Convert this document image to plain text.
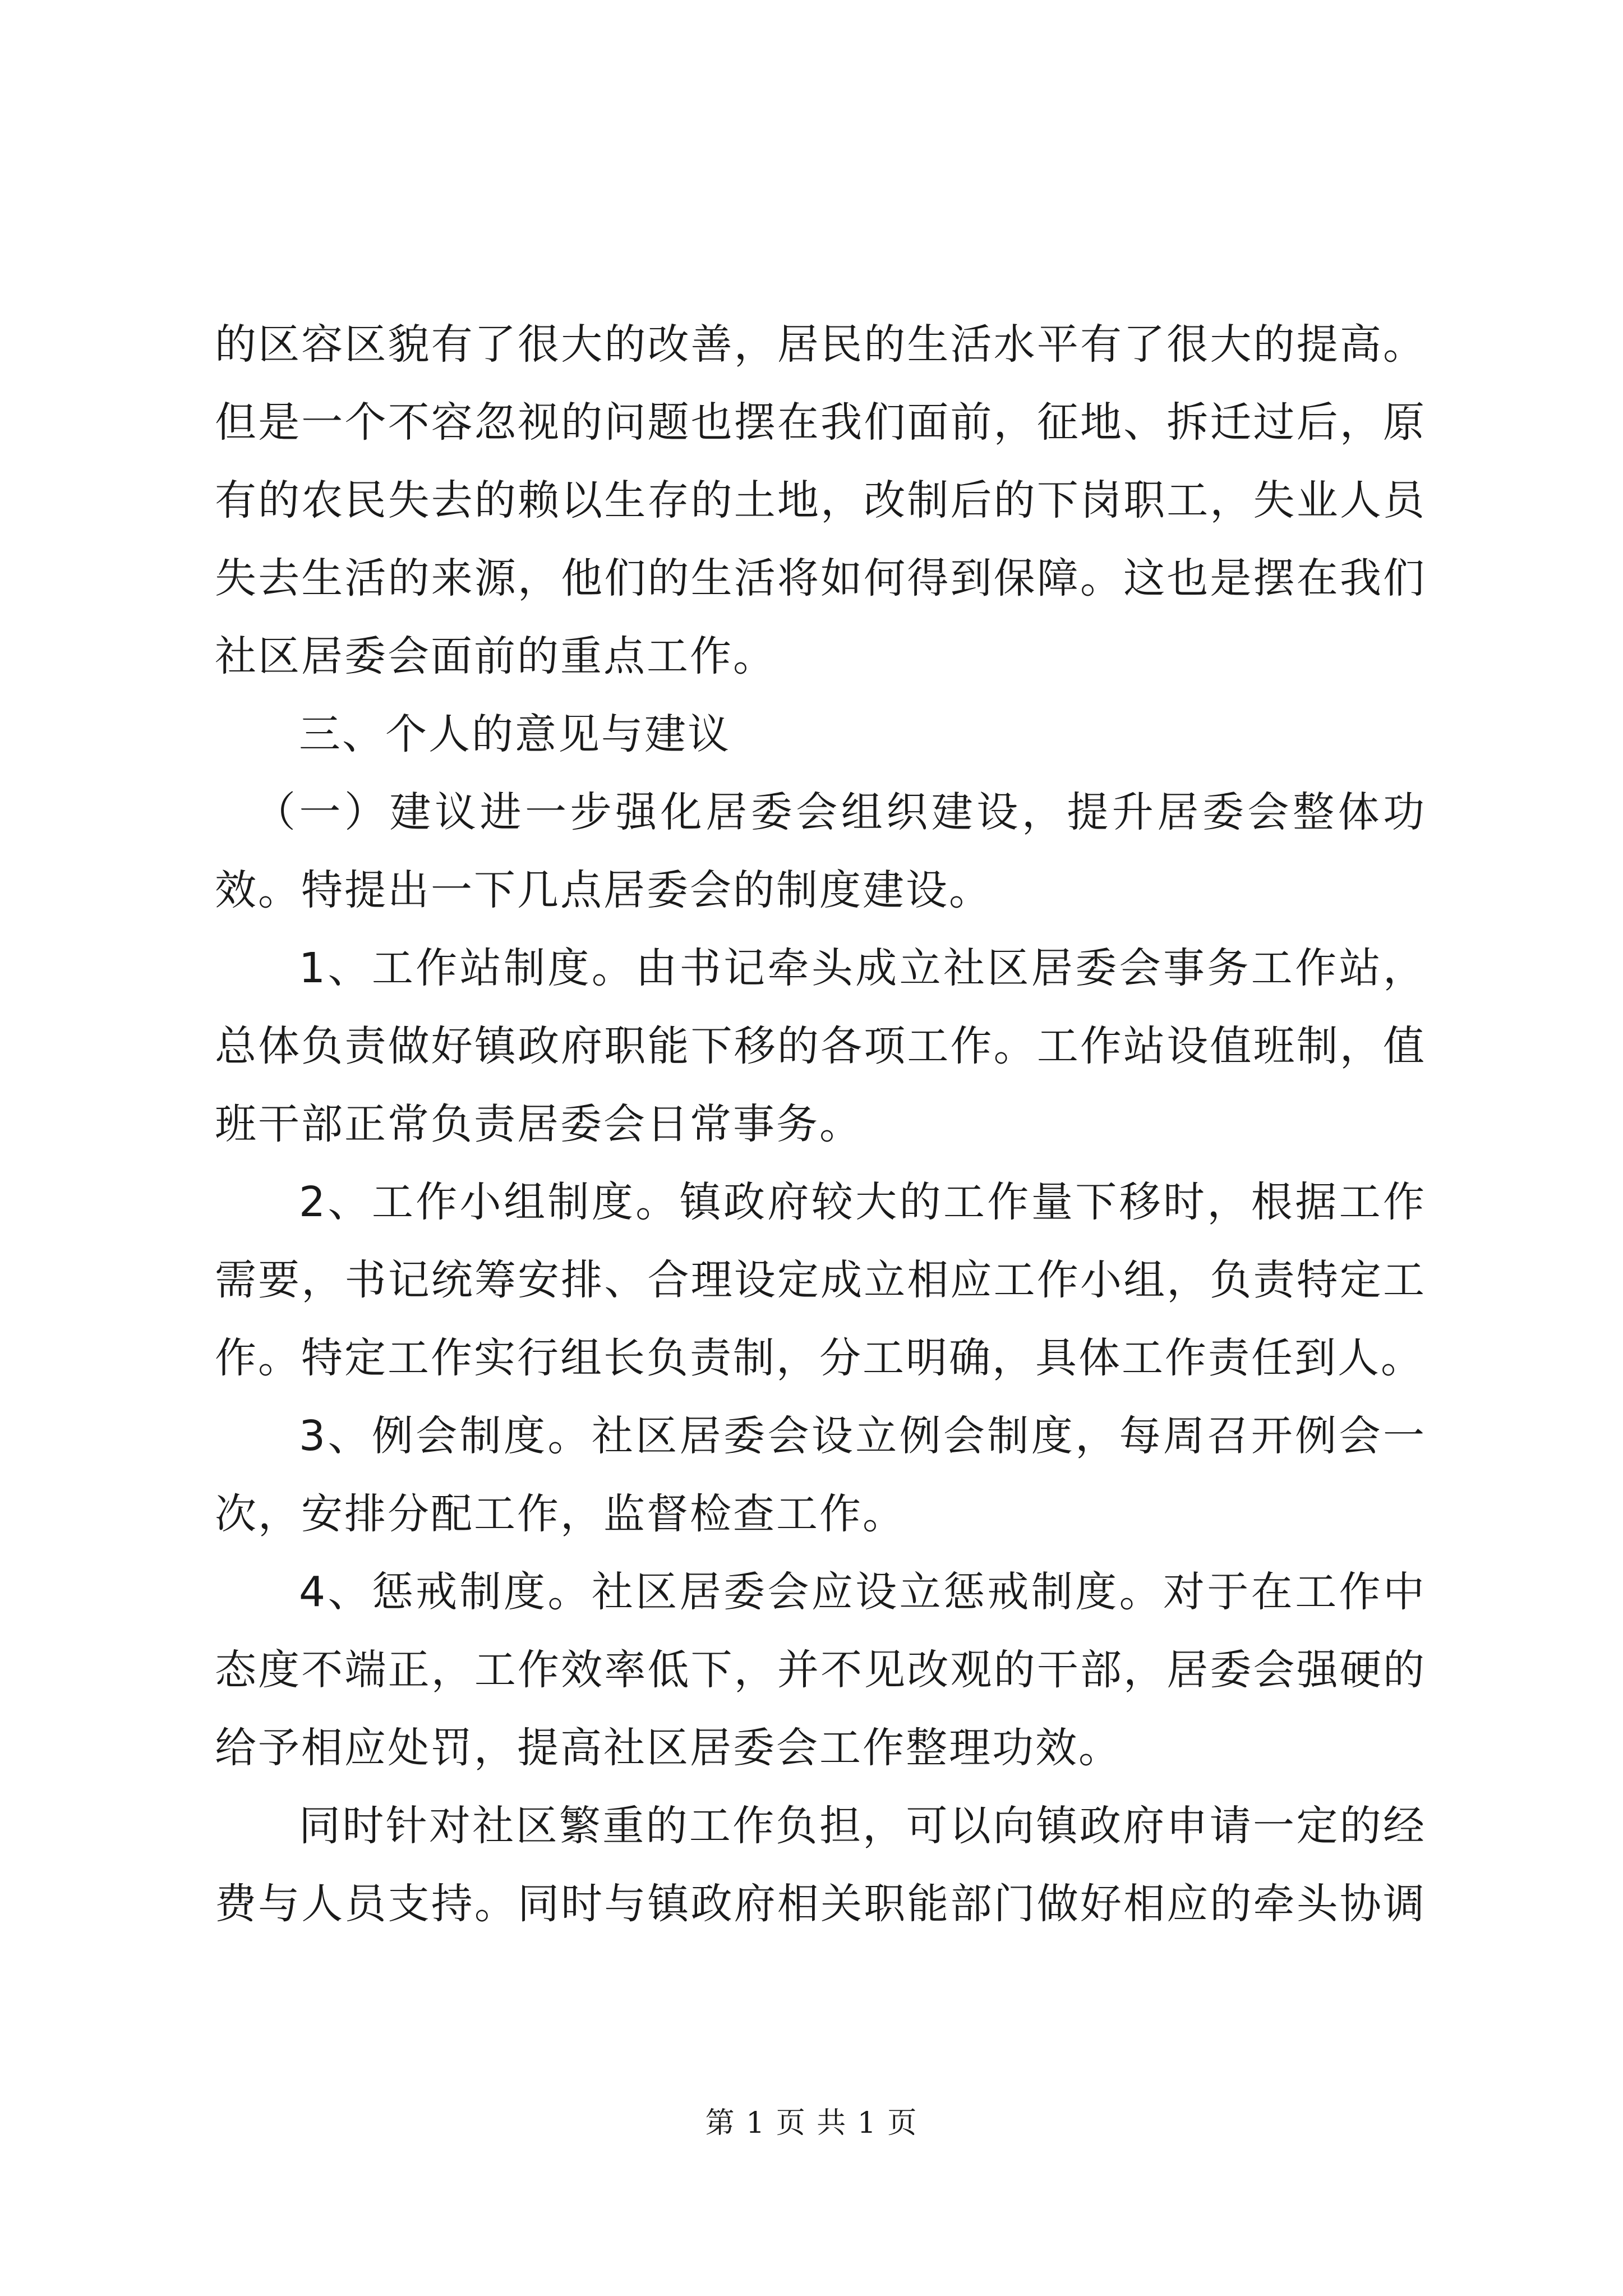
的区容区貌有了很大的改善，居民的生活水平有了很大的提高。
但是一个不容忽视的问题也摆在我们面前，征地、拆迁过后，原
有的农民失去的赖以生存的土地，改制后的下岗职工，失业人员
失去生活的来源，他们的生活将如何得到保障。这也是摆在我们
社区居委会面前的重点工作。

三、个人的意见与建议

（一）建议进一步强化居委会组织建设，提升居委会整体功
效。特提出一下几点居委会的制度建设。

1、工作站制度。由书记牵头成立社区居委会事务工作站，
总体负责做好镇政府职能下移的各项工作。工作站设值班制，值
班干部正常负责居委会日常事务。

2、工作小组制度。镇政府较大的工作量下移时，根据工作
需要，书记统筹安排、合理设定成立相应工作小组，负责特定工
作。特定工作实行组长负责制，分工明确，具体工作责任到人。

3、例会制度。社区居委会设立例会制度，每周召开例会一
次，安排分配工作，监督检查工作。

4、惩戒制度。社区居委会应设立惩戒制度。对于在工作中
态度不端正，工作效率低下，并不见改观的干部，居委会强硬的
给予相应处罚，提高社区居委会工作整理功效。

同时针对社区繁重的工作负担，可以向镇政府申请一定的经
费与人员支持。同时与镇政府相关职能部门做好相应的牵头协调

第 1 页 共 1 页
